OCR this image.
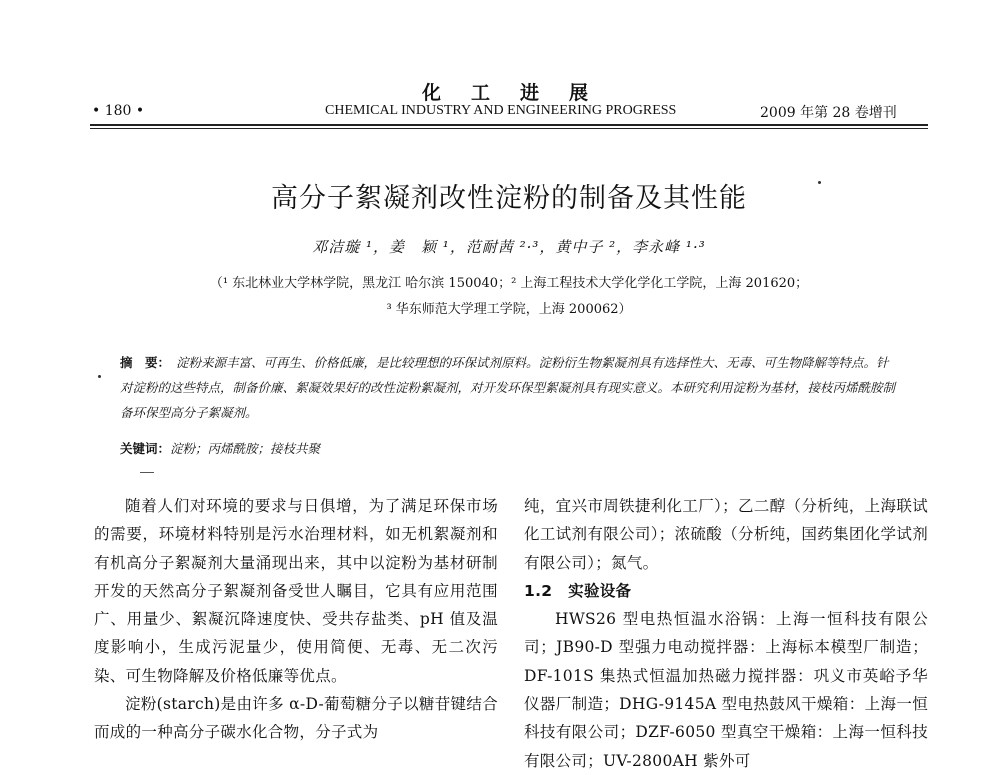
化工进展
• 180 •	CHEMICAL INDUSTRY AND ENGINEERING PROGRESS	2009 年第 28 卷增刊
高分子絮凝剂改性淀粉的制备及其性能
邓洁璇 ¹，姜　颖 ¹，范耐茜 ²·³，黄中子 ²，李永峰 ¹·³
（¹ 东北林业大学林学院，黑龙江 哈尔滨 150040；² 上海工程技术大学化学化工学院，上海 201620；
³ 华东师范大学理工学院，上海 200062）
摘　要： 淀粉来源丰富、可再生、价格低廉，是比较理想的环保试剂原料。淀粉衍生物絮凝剂具有选择性大、无毒、可生物降解等特点。针对淀粉的这些特点，制备价廉、絮凝效果好的改性淀粉絮凝剂，对开发环保型絮凝剂具有现实意义。本研究利用淀粉为基材，接枝丙烯酰胺制备环保型高分子絮凝剂。
关键词：淀粉；丙烯酰胺；接枝共聚

随着人们对环境的要求与日俱增，为了满足环保市场的需要，环境材料特别是污水治理材料，如无机絮凝剂和有机高分子絮凝剂大量涌现出来，其中以淀粉为基材研制开发的天然高分子絮凝剂备受世人瞩目，它具有应用范围广、用量少、絮凝沉降速度快、受共存盐类、pH 值及温度影响小，生成污泥量少，使用简便、无毒、无二次污染、可生物降解及价格低廉等优点。

淀粉(starch)是由许多 α-D-葡萄糖分子以糖苷键结合而成的一种高分子碳水化合物，分子式为

纯，宜兴市周铁捷利化工厂）；乙二醇（分析纯，上海联试化工试剂有限公司）；浓硫酸（分析纯，国药集团化学试剂有限公司）；氮气。

1.2　实验设备

HWS26 型电热恒温水浴锅：上海一恒科技有限公司；JB90-D 型强力电动搅拌器：上海标本模型厂制造；DF-101S 集热式恒温加热磁力搅拌器：巩义市英峪予华仪器厂制造；DHG-9145A 型电热鼓风干燥箱：上海一恒科技有限公司；DZF-6050 型真空干燥箱：上海一恒科技有限公司；UV-2800AH 紫外可
